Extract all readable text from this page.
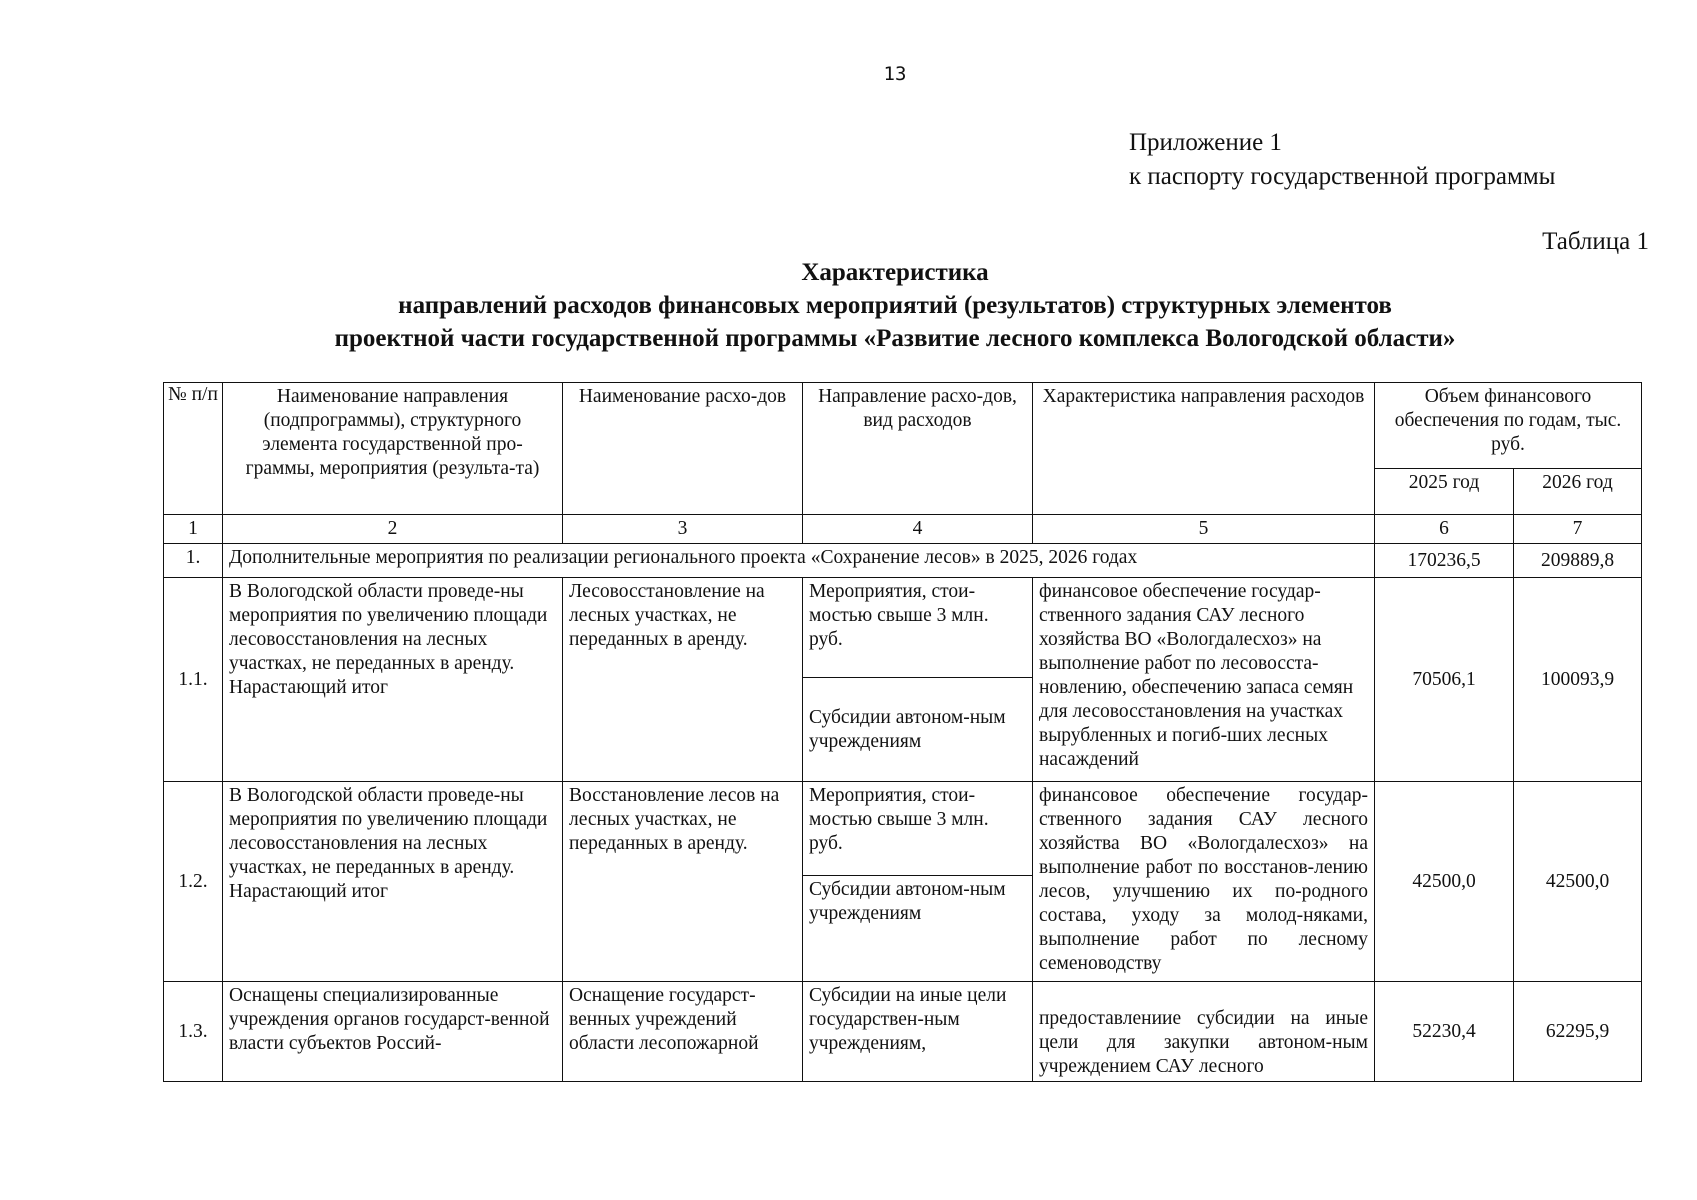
13
Приложение 1
к паспорту государственной программы
Таблица 1
Характеристика
направлений расходов финансовых мероприятий (результатов) структурных элементов
проектной части государственной программы «Развитие лесного комплекса Вологодской области»
№ п/п	Наименование направления (подпрограммы), структурного элемента государственной про-граммы, мероприятия (результа-та)	Наименование расхо-дов	Направление расхо-дов, вид расходов	Характеристика направления расходов	Объем финансового обеспечения по годам, тыс. руб.	
					2025 год	2026 год
1	2	3	4	5	6	7
1.	Дополнительные мероприятия по реализации регионального проекта «Сохранение лесов» в 2025, 2026 годах				170236,5	209889,8
1.1.	В Вологодской области проведе-ны мероприятия по увеличению площади лесовосстановления на лесных участках, не переданных в аренду. Нарастающий итог	Лесовосстановление на лесных участках, не переданных в аренду.	Мероприятия, стои-мостью свыше 3 млн. руб.	финансовое обеспечение государ-ственного задания САУ лесного хозяйства ВО «Вологдалесхоз» на выполнение работ по лесовосста-новлению, обеспечению запаса семян для лесовосстановления на участках вырубленных и погиб-ших лесных насаждений	70506,1	100093,9
			Субсидии автоном-ным учреждениям			
1.2.	В Вологодской области проведе-ны мероприятия по увеличению площади лесовосстановления на лесных участках, не переданных в аренду. Нарастающий итог	Восстановление лесов на лесных участках, не переданных в аренду.	Мероприятия, стои-мостью свыше 3 млн. руб.	финансовое обеспечение государ-ственного задания САУ лесного хозяйства ВО «Вологдалесхоз» на выполнение работ по восстанов-лению лесов, улучшению их по-родного состава, уходу за молод-няками, выполнение работ по лесному семеноводству	42500,0	42500,0
			Субсидии автоном-ным учреждениям			
1.3.	Оснащены специализированные учреждения органов государст-венной власти субъектов Россий-	Оснащение государст-венных учреждений области лесопожарной	Субсидии на иные цели государствен-ным учреждениям,	предоставлениие субсидии на иные цели для закупки автоном-ным учреждением САУ лесного	52230,4	62295,9
